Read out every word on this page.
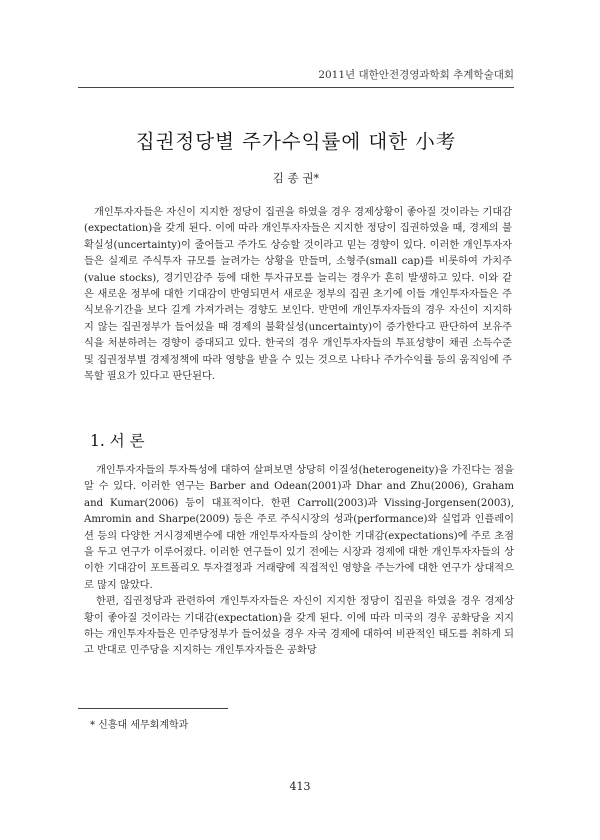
2011년 대한안전경영과학회 추계학술대회
집권정당별 주가수익률에 대한 小考
김 종 권*

개인투자자들은 자신이 지지한 정당이 집권을 하였을 경우 경제상황이 좋아질 것이라는 기대감(expectation)을 갖게 된다. 이에 따라 개인투자자들은 지지한 정당이 집권하였을 때, 경제의 불확실성(uncertainty)이 줄어들고 주가도 상승할 것이라고 믿는 경향이 있다. 이러한 개인투자자들은 실제로 주식투자 규모를 늘려가는 상황을 만들며, 소형주(small cap)를 비롯하여 가치주(value stocks), 경기민감주 등에 대한 투자규모를 늘리는 경우가 흔히 발생하고 있다. 이와 같은 새로운 정부에 대한 기대감이 반영되면서 새로운 정부의 집권 초기에 이들 개인투자자들은 주식보유기간을 보다 길게 가져가려는 경향도 보인다. 반면에 개인투자자들의 경우 자신이 지지하지 않는 집권정부가 들어섰을 때 경제의 불확실성(uncertainty)이 증가한다고 판단하여 보유주식을 처분하려는 경향이 증대되고 있다. 한국의 경우 개인투자자들의 투표성향이 채권 소득수준 및 집권정부별 경제정책에 따라 영향을 받을 수 있는 것으로 나타나 주가수익률 등의 움직임에 주목할 필요가 있다고 판단된다.

1. 서 론

개인투자자들의 투자특성에 대하여 살펴보면 상당히 이질성(heterogeneity)을 가진다는 점을 알 수 있다. 이러한 연구는 Barber and Odean(2001)과 Dhar and Zhu(2006), Graham and Kumar(2006) 등이 대표적이다. 한편 Carroll(2003)과 Vissing-Jorgensen(2003), Amromin and Sharpe(2009) 등은 주로 주식시장의 성과(performance)와 실업과 인플레이션 등의 다양한 거시경제변수에 대한 개인투자자들의 상이한 기대감(expectations)에 주로 초점을 두고 연구가 이루어졌다. 이러한 연구들이 있기 전에는 시장과 경제에 대한 개인투자자들의 상이한 기대감이 포트폴리오 투자결정과 거래량에 직접적인 영향을 주는가에 대한 연구가 상대적으로 많지 않았다.

한편, 집권정당과 관련하여 개인투자자들은 자신이 지지한 정당이 집권을 하였을 경우 경제상황이 좋아질 것이라는 기대감(expectation)을 갖게 된다. 이에 따라 미국의 경우 공화당을 지지하는 개인투자자들은 민주당정부가 들어섰을 경우 자국 경제에 대하여 비관적인 태도를 취하게 되고 반대로 민주당을 지지하는 개인투자자들은 공화당

* 신흥대 세무회계학과
413
